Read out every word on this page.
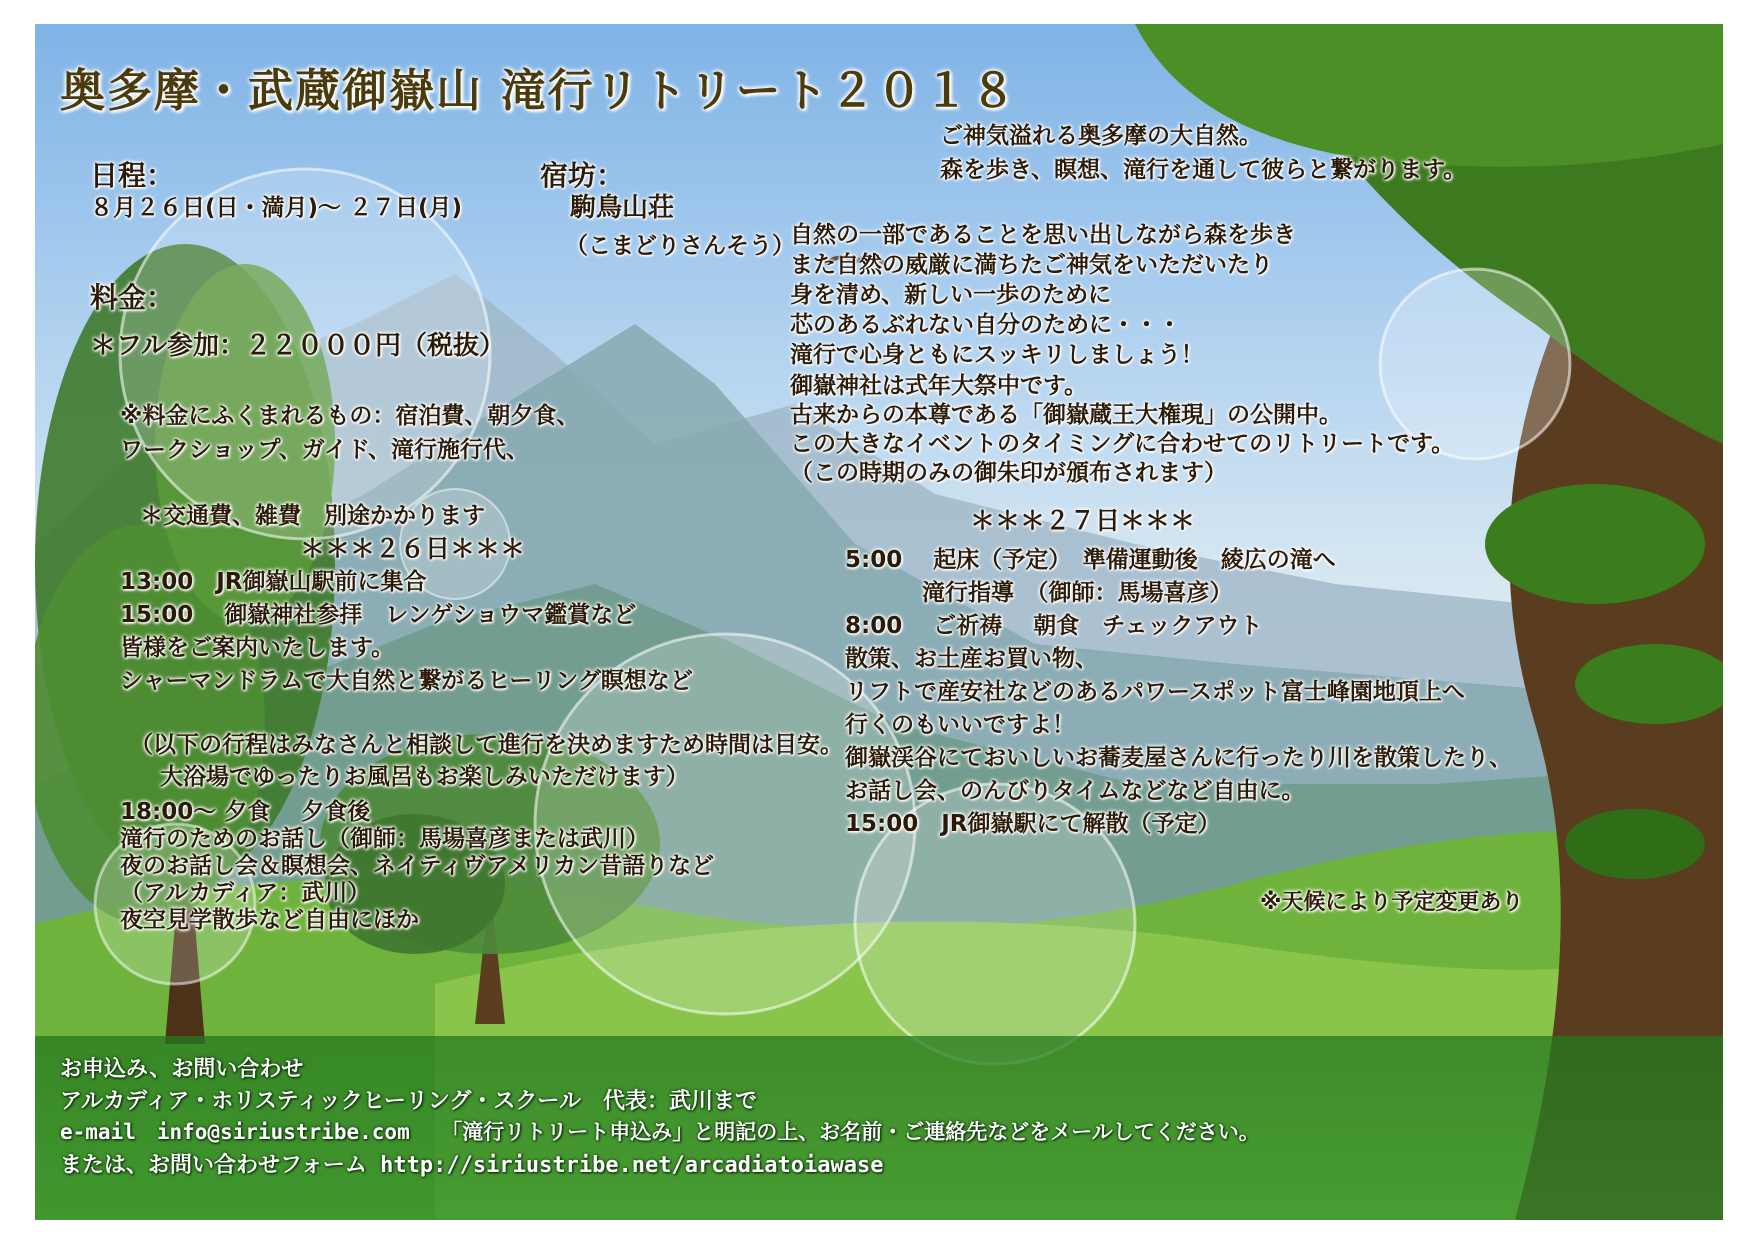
奥多摩・武蔵御嶽山 滝行リトリート２０１８
日程：
８月２６日(日・満月)～ ２７日(月)
宿坊：
駒鳥山荘
（こまどりさんそう）
料金：
＊フル参加：２２０００円（税抜）
※料金にふくまれるもの：宿泊費、朝夕食、
ワークショップ、ガイド、滝行施行代、
＊交通費、雑費　別途かかります
＊＊＊２６日＊＊＊
13:00　JR御嶽山駅前に集合
15:00　 御嶽神社参拝　レンゲショウマ鑑賞など
皆様をご案内いたします。
シャーマンドラムで大自然と繋がるヒーリング瞑想など
（以下の行程はみなさんと相談して進行を決めますため時間は目安。
大浴場でゆったりお風呂もお楽しみいただけます）
18:00～ 夕食　 夕食後
滝行のためのお話し（御師：馬場喜彦または武川）
夜のお話し会＆瞑想会、ネイティヴアメリカン昔語りなど
（アルカディア：武川）
夜空見学散歩など自由にほか
ご神気溢れる奥多摩の大自然。
森を歩き、瞑想、滝行を通して彼らと繋がります。
自然の一部であることを思い出しながら森を歩き
また自然の威厳に満ちたご神気をいただいたり
身を清め、新しい一歩のために
芯のあるぶれない自分のために・・・
滝行で心身ともにスッキリしましょう！
御嶽神社は式年大祭中です。
古来からの本尊である「御嶽蔵王大権現」の公開中。
この大きなイベントのタイミングに合わせてのリトリートです。
（この時期のみの御朱印が頒布されます）
＊＊＊２７日＊＊＊
5:00　 起床（予定）　準備運動後　綾広の滝へ
　　　 滝行指導　（御師：馬場喜彦）
8:00　 ご祈祷　 朝食　チェックアウト
散策、お土産お買い物、
リフトで産安社などのあるパワースポット富士峰園地頂上へ
行くのもいいですよ！
御嶽渓谷にておいしいお蕎麦屋さんに行ったり川を散策したり、
お話し会、のんびりタイムなどなど自由に。
15:00　JR御嶽駅にて解散（予定）
※天候により予定変更あり
お申込み、お問い合わせ
アルカディア・ホリスティックヒーリング・スクール　代表：武川まで
e-mail　info@siriustribe.com　　「滝行リトリート申込み」と明記の上、お名前・ご連絡先などをメールしてください。
または、お問い合わせフォーム http://siriustribe.net/arcadiatoiawase
